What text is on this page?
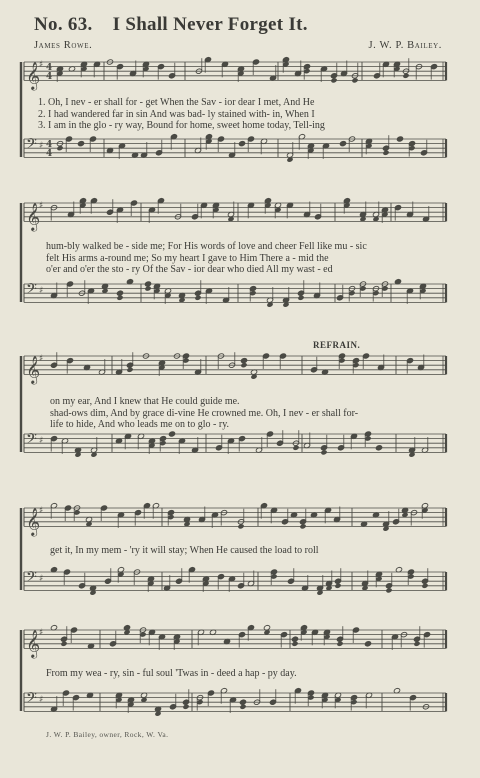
No. 63. I Shall Never Forget It.
James Rowe.	J. W. P. Bailey.
𝄞
♯ 4
4
𝄢 ♯ 4
4
𝄞
♯
𝄢 ♯
𝄞
♯
𝄢 ♯
𝄞
♯
𝄢 ♯
𝄞
♯
𝄢 ♯
1. Oh, I nev - er shall for - get When the Sav - ior dear I met, And He
2. I had wandered far in sin And was bad- ly stained with- in, When I
3. I am in the glo - ry way, Bound for home, sweet home today, Tell-ing
hum-bly walked be - side me; For His words of love and cheer Fell like mu - sic
felt His arms a-round me; So my heart I gave to Him There a - mid the
o'er and o'er the sto - ry Of the Sav - ior dear who died All my wast - ed
REFRAIN.
on my ear, And I knew that He could guide me.
shad-ows dim, And by grace di-vine He crowned me. Oh, I nev - er shall for-
life to hide, And who leads me on to glo - ry.
get it, In my mem - 'ry it will stay; When He caused the load to roll
From my wea - ry, sin - ful soul 'Twas in - deed a hap - py day.
J. W. P. Bailey, owner, Rock, W. Va.
